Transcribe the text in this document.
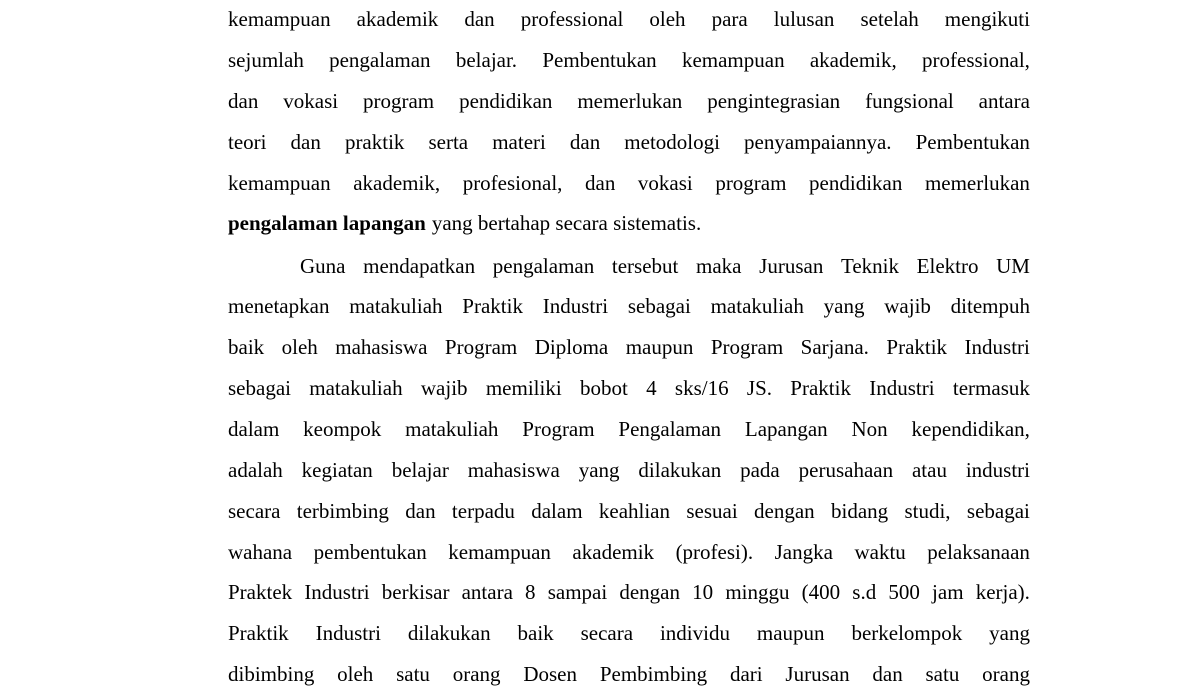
kemampuan akademik dan professional oleh para lulusan setelah mengikuti
sejumlah pengalaman belajar. Pembentukan kemampuan akademik, professional,
dan vokasi program pendidikan memerlukan pengintegrasian fungsional antara
teori dan praktik serta materi dan metodologi penyampaiannya. Pembentukan
kemampuan akademik, profesional, dan vokasi program pendidikan memerlukan
pengalaman lapangan yang bertahap secara sistematis.
Guna mendapatkan pengalaman tersebut maka Jurusan Teknik Elektro UM
menetapkan matakuliah Praktik Industri sebagai matakuliah yang wajib ditempuh
baik oleh mahasiswa Program Diploma maupun Program Sarjana. Praktik Industri
sebagai matakuliah wajib memiliki bobot 4 sks/16 JS. Praktik Industri termasuk
dalam keompok matakuliah Program Pengalaman Lapangan Non kependidikan,
adalah kegiatan belajar mahasiswa yang dilakukan pada perusahaan atau industri
secara terbimbing dan terpadu dalam keahlian sesuai dengan bidang studi, sebagai
wahana pembentukan kemampuan akademik (profesi). Jangka waktu pelaksanaan
Praktek Industri berkisar antara 8 sampai dengan 10 minggu (400 s.d 500 jam kerja).
Praktik Industri dilakukan baik secara individu maupun berkelompok yang
dibimbing oleh satu orang Dosen Pembimbing dari Jurusan dan satu orang
